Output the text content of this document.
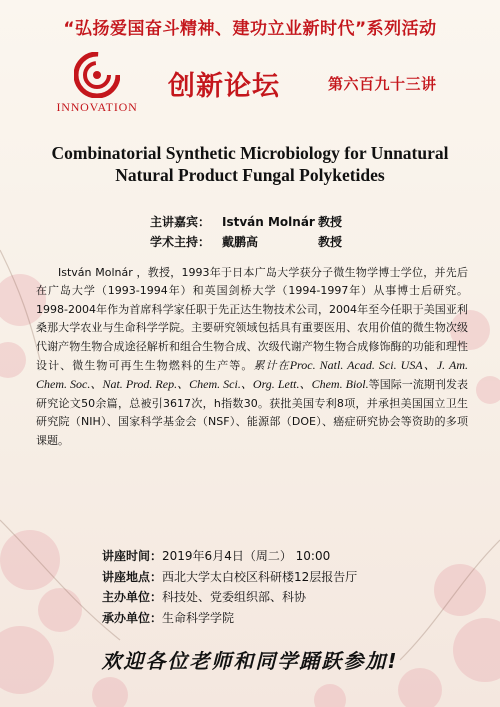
“弘扬爱国奋斗精神、建功立业新时代”系列活动
INNOVATION
创新论坛	第六百九十三讲
Combinatorial Synthetic Microbiology for Unnatural
Natural Product Fungal Polyketides
主讲嘉宾： István Molnár 教授
学术主持： 戴鹏高	教授
István Molnár ，教授，1993年于日本广岛大学获分子微生物学博士学位，并先后在广岛大学（1993-1994年）和英国剑桥大学（1994-1997年）从事博士后研究。1998-2004年作为首席科学家任职于先正达生物技术公司，2004年至今任职于美国亚利桑那大学农业与生命科学学院。主要研究领域包括具有重要医用、农用价值的微生物次级代谢产物生物合成途径解析和组合生物合成、次级代谢产物生物合成修饰酶的功能和理性设计、微生物可再生生物燃料的生产等。累计在Proc. Natl. Acad. Sci. USA、J. Am. Chem. Soc.、Nat. Prod. Rep.、Chem. Sci.、Org. Lett.、Chem. Biol.等国际一流期刊发表研究论文50余篇，总被引3617次，h指数30。获批美国专利8项，并承担美国国立卫生研究院（NIH）、国家科学基金会（NSF）、能源部（DOE）、癌症研究协会等资助的多项课题。
讲座时间：2019年6月4日（周二） 10:00
讲座地点：西北大学太白校区科研楼12层报告厅
主办单位：科技处、党委组织部、科协
承办单位：生命科学学院
欢迎各位老师和同学踊跃参加!
